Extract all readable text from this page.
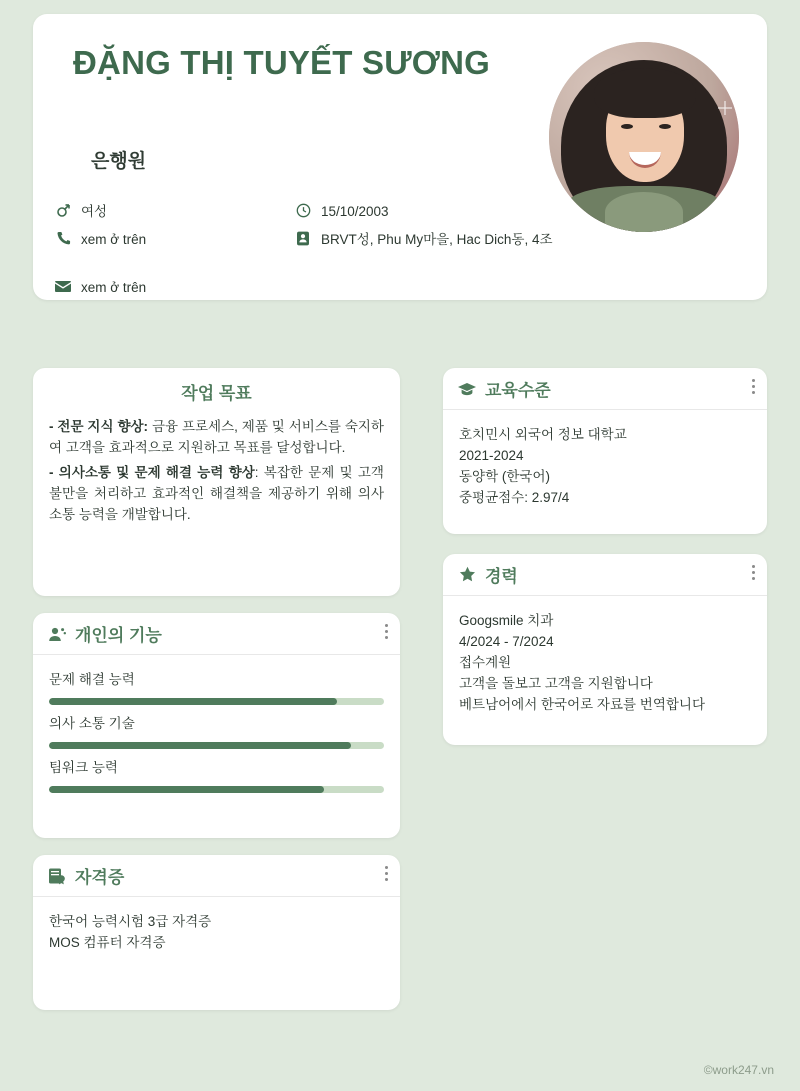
ĐẶNG THỊ TUYẾT SƯƠNG
은행원
여성
xem ở trên
xem ở trên
15/10/2003
BRVT성, Phu My마을, Hac Dich동, 4조
작업 목표

- 전문 지식 향상: 금융 프로세스, 제품 및 서비스를 숙지하여 고객을 효과적으로 지원하고 목표를 달성합니다.

- 의사소통 및 문제 해결 능력 향상: 복잡한 문제 및 고객 불만을 처리하고 효과적인 해결책을 제공하기 위해 의사소통 능력을 개발합니다.

개인의 기능
문제 해결 능력
의사 소통 기술
팀워크 능력
자격증
한국어 능력시험 3급 자격증
MOS 컴퓨터 자격증
교육수준
호치민시 외국어 정보 대학교
2021-2024
동양학 (한국어)
중평균점수: 2.97/4
경력
Googsmile 치과
4/2024 - 7/2024
접수계원
고객을 돌보고 고객을 지원합니다
베트남어에서 한국어로 자료를 번역합니다
©work247.vn
